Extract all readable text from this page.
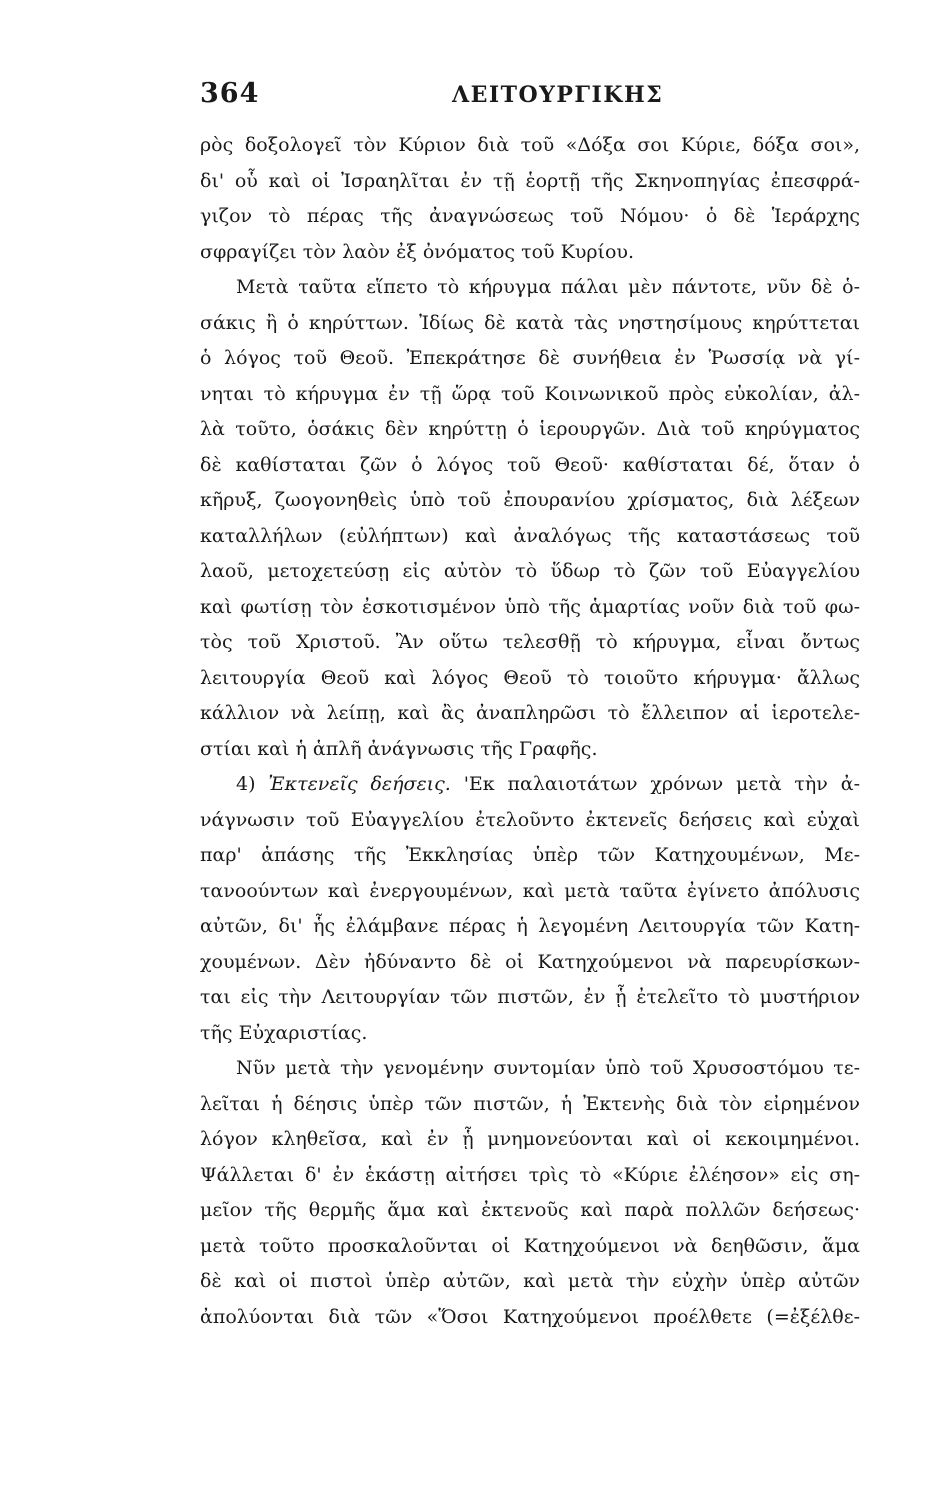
364	ΛΕΙΤΟΥΡΓΙΚΗΣ
ρὸς δοξολογεῖ τὸν Κύριον διὰ τοῦ «Δόξα σοι Κύριε, δόξα σοι»,
δι' οὗ καὶ οἱ Ἰσραηλῖται ἐν τῇ ἑορτῇ τῆς Σκηνοπηγίας ἐπεσφρά-
γιζον τὸ πέρας τῆς ἀναγνώσεως τοῦ Νόμου· ὁ δὲ Ἱεράρχης
σφραγίζει τὸν λαὸν ἐξ ὀνόματος τοῦ Κυρίου.
Μετὰ ταῦτα εἵπετο τὸ κήρυγμα πάλαι μὲν πάντοτε, νῦν δὲ ὁ-
σάκις ἢ ὁ κηρύττων. Ἰδίως δὲ κατὰ τὰς νηστησίμους κηρύττεται
ὁ λόγος τοῦ Θεοῦ. Ἐπεκράτησε δὲ συνήθεια ἐν Ῥωσσίᾳ νὰ γί-
νηται τὸ κήρυγμα ἐν τῇ ὥρᾳ τοῦ Κοινωνικοῦ πρὸς εὐκολίαν, ἀλ-
λὰ τοῦτο, ὁσάκις δὲν κηρύττῃ ὁ ἱερουργῶν. Διὰ τοῦ κηρύγματος
δὲ καθίσταται ζῶν ὁ λόγος τοῦ Θεοῦ· καθίσταται δέ, ὅταν ὁ
κῆρυξ, ζωογονηθεὶς ὑπὸ τοῦ ἐπουρανίου χρίσματος, διὰ λέξεων
καταλλήλων (εὐλήπτων) καὶ ἀναλόγως τῆς καταστάσεως τοῦ
λαοῦ, μετοχετεύσῃ εἰς αὐτὸν τὸ ὕδωρ τὸ ζῶν τοῦ Εὐαγγελίου
καὶ φωτίσῃ τὸν ἐσκοτισμένον ὑπὸ τῆς ἁμαρτίας νοῦν διὰ τοῦ φω-
τὸς τοῦ Χριστοῦ. Ἂν οὕτω τελεσθῇ τὸ κήρυγμα, εἶναι ὄντως
λειτουργία Θεοῦ καὶ λόγος Θεοῦ τὸ τοιοῦτο κήρυγμα· ἄλλως
κάλλιον νὰ λείπῃ, καὶ ἂς ἀναπληρῶσι τὸ ἔλλειπον αἱ ἱεροτελε-
στίαι καὶ ἡ ἁπλῆ ἀνάγνωσις τῆς Γραφῆς.
4) Ἐκτενεῖς δεήσεις. 'Εκ παλαιοτάτων χρόνων μετὰ τὴν ἀ-
νάγνωσιν τοῦ Εὐαγγελίου ἐτελοῦντο ἐκτενεῖς δεήσεις καὶ εὐχαὶ
παρ' ἁπάσης τῆς Ἐκκλησίας ὑπὲρ τῶν Κατηχουμένων, Με-
τανοούντων καὶ ἐνεργουμένων, καὶ μετὰ ταῦτα ἐγίνετο ἀπόλυσις
αὐτῶν, δι' ἧς ἐλάμβανε πέρας ἡ λεγομένη Λειτουργία τῶν Κατη-
χουμένων. Δὲν ἠδύναντο δὲ οἱ Κατηχούμενοι νὰ παρευρίσκων-
ται εἰς τὴν Λειτουργίαν τῶν πιστῶν, ἐν ᾗ ἐτελεῖτο τὸ μυστήριον
τῆς Εὐχαριστίας.
Νῦν μετὰ τὴν γενομένην συντομίαν ὑπὸ τοῦ Χρυσοστόμου τε-
λεῖται ἡ δέησις ὑπὲρ τῶν πιστῶν, ἡ Ἐκτενὴς διὰ τὸν εἰρημένον
λόγον κληθεῖσα, καὶ ἐν ᾗ μνημονεύονται καὶ οἱ κεκοιμημένοι.
Ψάλλεται δ' ἐν ἑκάστῃ αἰτήσει τρὶς τὸ «Κύριε ἐλέησον» εἰς ση-
μεῖον τῆς θερμῆς ἅμα καὶ ἐκτενοῦς καὶ παρὰ πολλῶν δεήσεως·
μετὰ τοῦτο προσκαλοῦνται οἱ Κατηχούμενοι νὰ δεηθῶσιν, ἅμα
δὲ καὶ οἱ πιστοὶ ὑπὲρ αὐτῶν, καὶ μετὰ τὴν εὐχὴν ὑπὲρ αὐτῶν
ἀπολύονται διὰ τῶν «Ὅσοι Κατηχούμενοι προέλθετε (=ἐξέλθε-
